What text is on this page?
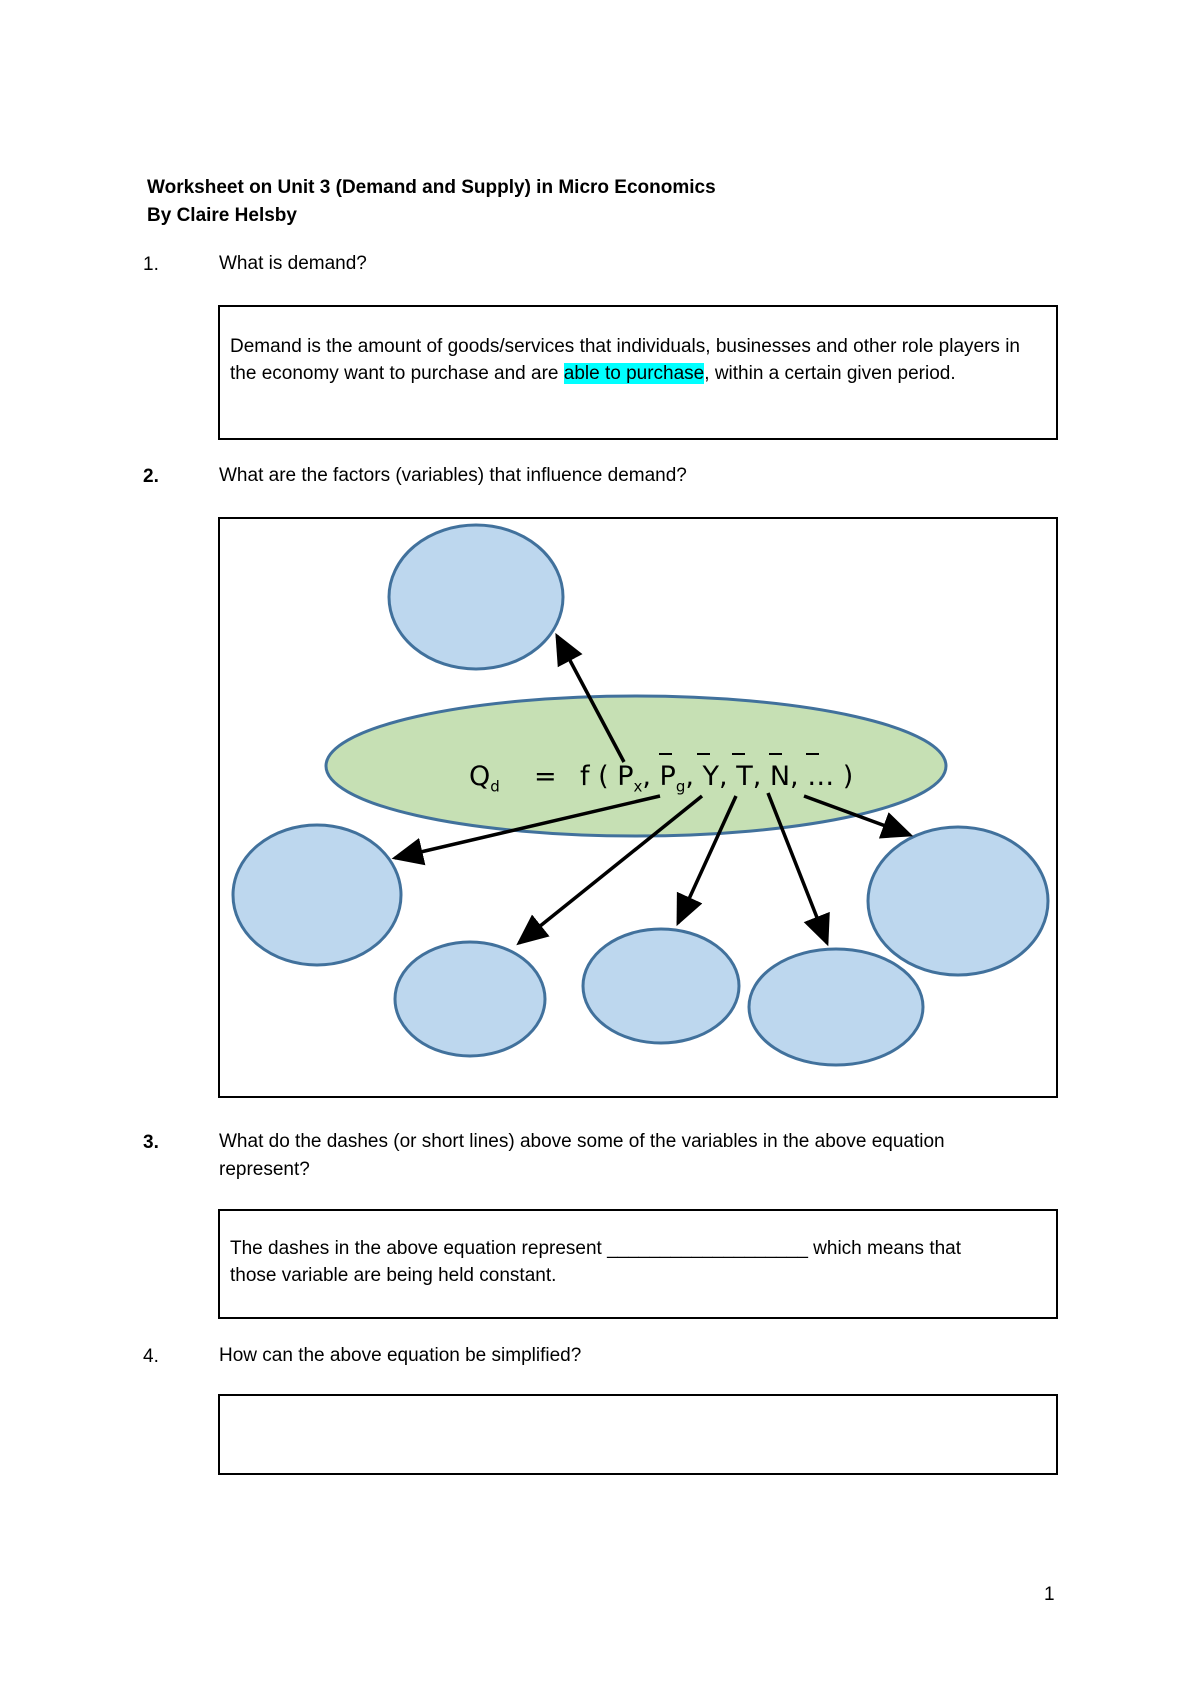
Worksheet on Unit 3 (Demand and Supply) in Micro Economics
By Claire Helsby
1.	What is demand?
Demand is the amount of goods/services that individuals, businesses and other role players in the economy want to purchase and are able to purchase, within a certain given period.
2.	What are the factors (variables) that influence demand?
$Q_d = f$ ( $P_x$, $P_g$, Y, T, N, … )
3.	What do the dashes (or short lines) above some of the variables in the above equation represent?
The dashes in the above equation represent ___________________ which means that
those variable are being held constant.
4.	How can the above equation be simplified?
1
